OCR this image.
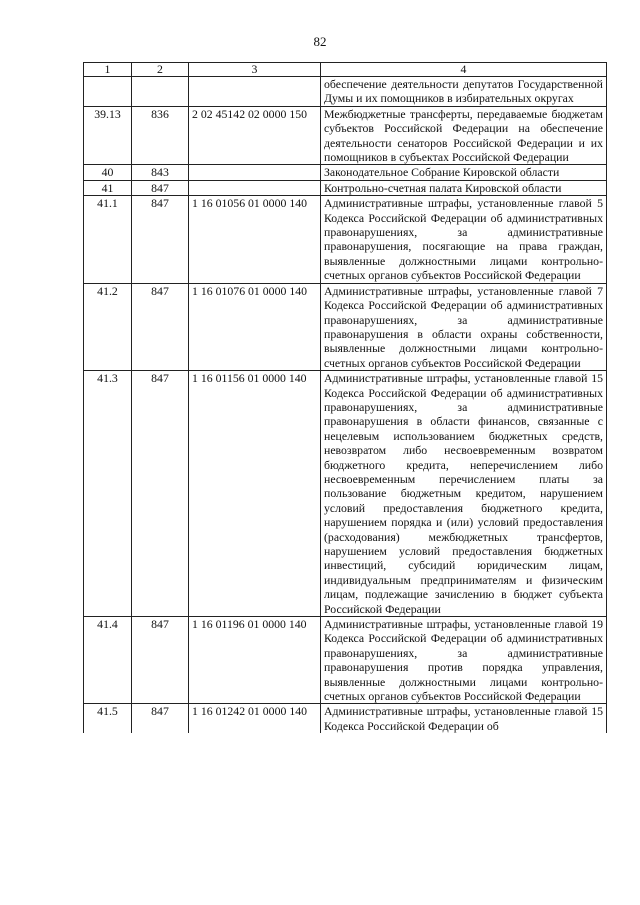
82
1	2	3	4
			обеспечение деятельности депутатов Государственной Думы и их помощников в избирательных округах
39.13	836	2 02 45142 02 0000 150	Межбюджетные трансферты, передаваемые бюджетам субъектов Российской Федерации на обеспечение деятельности сенаторов Российской Федерации и их помощников в субъектах Российской Федерации
40	843		Законодательное Собрание Кировской области
41	847		Контрольно-счетная палата Кировской области
41.1	847	1 16 01056 01 0000 140	Административные штрафы, установленные главой 5 Кодекса Российской Федерации об административных правонарушениях, за административные правонарушения, посягающие на права граждан, выявленные должностными лицами контрольно-счетных органов субъектов Российской Федерации
41.2	847	1 16 01076 01 0000 140	Административные штрафы, установленные главой 7 Кодекса Российской Федерации об административных правонарушениях, за административные правонарушения в области охраны собственности, выявленные должностными лицами контрольно-счетных органов субъектов Российской Федерации
41.3	847	1 16 01156 01 0000 140	Административные штрафы, установленные главой 15 Кодекса Российской Федерации об административных правонарушениях, за административные правонарушения в области финансов, связанные с нецелевым использованием бюджетных средств, невозвратом либо несвоевременным возвратом бюджетного кредита, неперечислением либо несвоевременным перечислением платы за пользование бюджетным кредитом, нарушением условий предоставления бюджетного кредита, нарушением порядка и (или) условий предоставления (расходования) межбюджетных трансфертов, нарушением условий предоставления бюджетных инвестиций, субсидий юридическим лицам, индивидуальным предпринимателям и физическим лицам, подлежащие зачислению в бюджет субъекта Российской Федерации
41.4	847	1 16 01196 01 0000 140	Административные штрафы, установленные главой 19 Кодекса Российской Федерации об административных правонарушениях, за административные правонарушения против порядка управления, выявленные должностными лицами контрольно-счетных органов субъектов Российской Федерации
41.5	847	1 16 01242 01 0000 140	Административные штрафы, установленные главой 15 Кодекса Российской Федерации об
